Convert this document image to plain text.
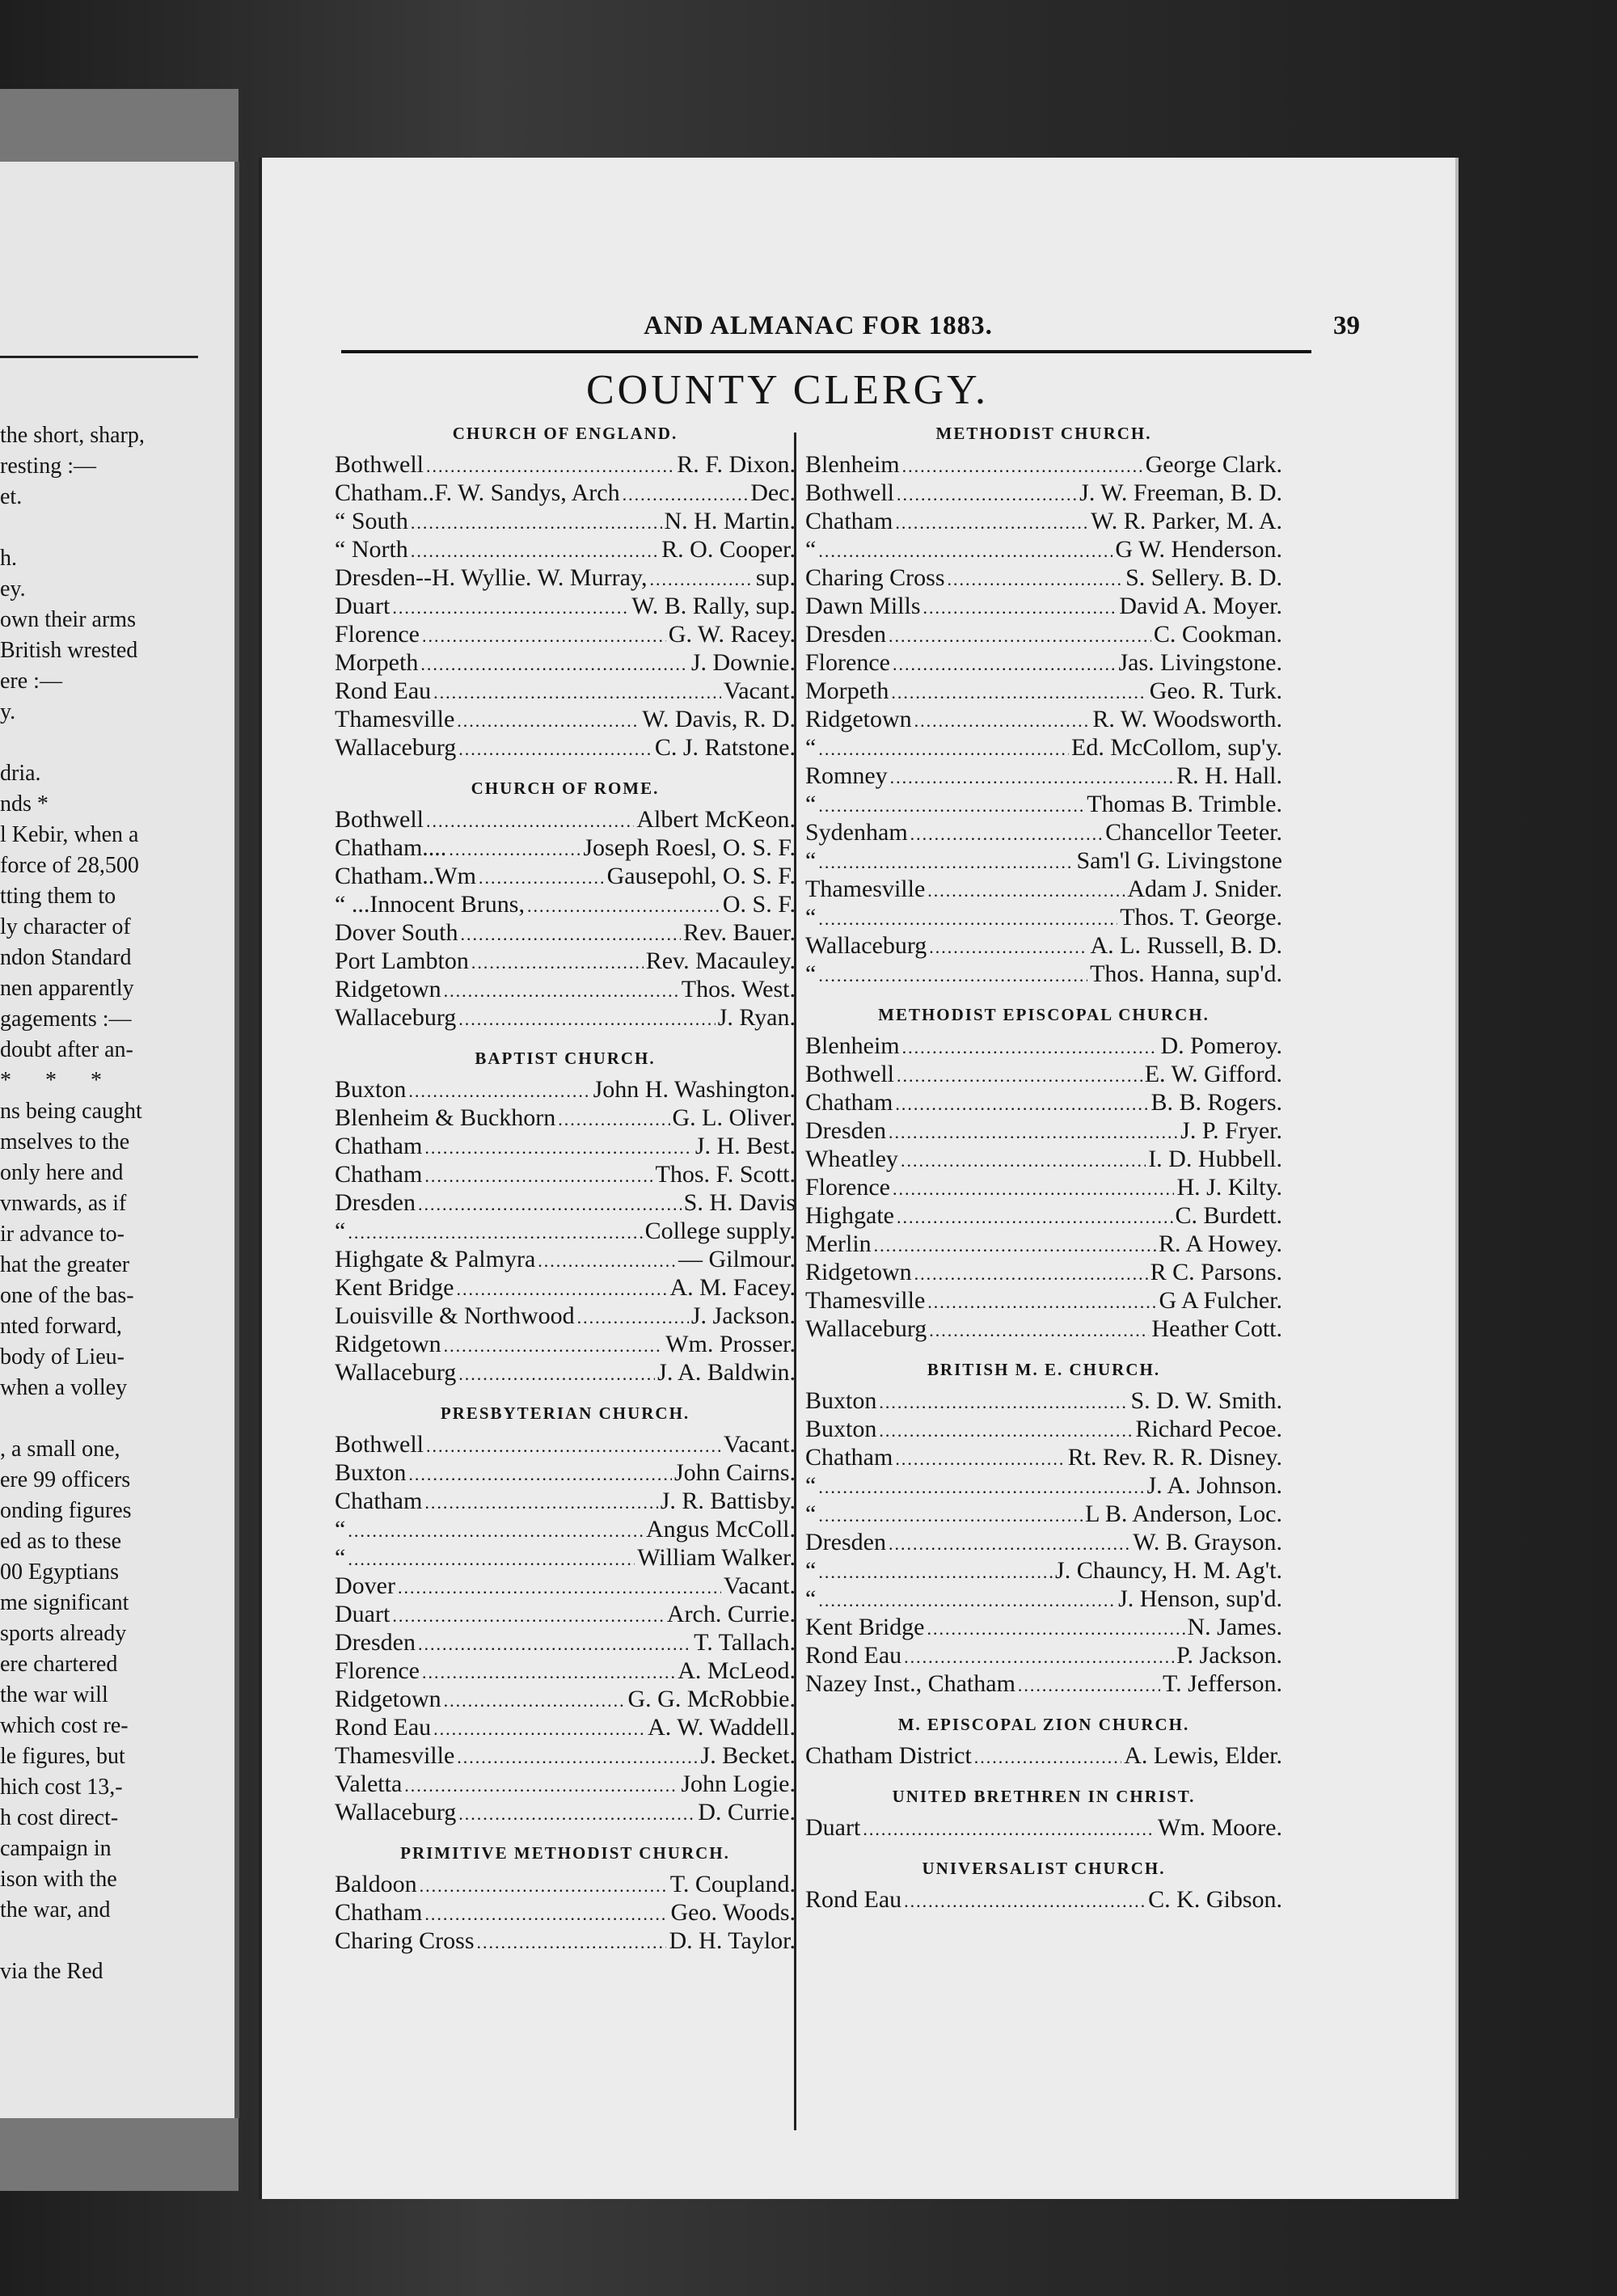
the short, sharp,
resting :—
et.
h.
ey.
own their arms
British wrested
ere :—
y.
dria.
nds *
l Kebir, when a
force of 28,500
tting them to
ly character of
ndon Standard
nen apparently
gagements :—
doubt after an-
*      *      *
ns being caught
mselves to the
only here and
vnwards, as if
ir advance to-
hat the greater
one of the bas-
nted forward,
body of Lieu-
when a volley
, a small one,
ere 99 officers
onding figures
ed as to these
00 Egyptians
me significant
sports already
ere chartered
the war will
which cost re-
le figures, but
hich cost 13,-
h cost direct-
campaign in
ison with the
the war, and
via the Red
AND ALMANAC FOR 1883.	39
COUNTY CLERGY.
CHURCH OF ENGLAND.
Bothwell .....	R. F. Dixon.
Chatham..F. W. Sandys, Arch .....	Dec.
“ South .....	N. H. Martin.
“ North .....	R. O. Cooper.
Dresden--H. Wyllie. W. Murray, .....	sup.
Duart .....	W. B. Rally, sup.
Florence .....	G. W. Racey.
Morpeth .....	J. Downie.
Rond Eau .....	Vacant.
Thamesville .....	W. Davis, R. D.
Wallaceburg .....	C. J. Ratstone.
CHURCH OF ROME.
Bothwell .....	Albert McKeon.
Chatham.... .....	Joseph Roesl, O. S. F.
Chatham..Wm .....	Gausepohl, O. S. F.
“ ...Innocent Bruns, .....	O. S. F.
Dover South .....	Rev. Bauer.
Port Lambton .....	Rev. Macauley.
Ridgetown .....	Thos. West.
Wallaceburg .....	J. Ryan.
BAPTIST CHURCH.
Buxton .....	John H. Washington.
Blenheim & Buckhorn .....	G. L. Oliver.
Chatham .....	J. H. Best.
Chatham .....	Thos. F. Scott.
Dresden .....	S. H. Davis
“ .....	College supply.
Highgate & Palmyra .....	— Gilmour.
Kent Bridge .....	A. M. Facey.
Louisville & Northwood .....	J. Jackson.
Ridgetown .....	Wm. Prosser.
Wallaceburg .....	J. A. Baldwin.
PRESBYTERIAN CHURCH.
Bothwell .....	Vacant.
Buxton .....	John Cairns.
Chatham .....	J. R. Battisby.
“ .....	Angus McColl.
“ .....	William Walker.
Dover .....	Vacant.
Duart .....	Arch. Currie.
Dresden .....	T. Tallach.
Florence .....	A. McLeod.
Ridgetown .....	G. G. McRobbie.
Rond Eau .....	A. W. Waddell.
Thamesville .....	J. Becket.
Valetta .....	John Logie.
Wallaceburg .....	D. Currie.
PRIMITIVE METHODIST CHURCH.
Baldoon .....	T. Coupland.
Chatham .....	Geo. Woods.
Charing Cross .....	D. H. Taylor.
METHODIST CHURCH.
Blenheim .....	George Clark.
Bothwell .....	J. W. Freeman, B. D.
Chatham .....	W. R. Parker, M. A.
“ .....	G W. Henderson.
Charing Cross .....	S. Sellery. B. D.
Dawn Mills .....	David A. Moyer.
Dresden .....	C. Cookman.
Florence .....	Jas. Livingstone.
Morpeth .....	Geo. R. Turk.
Ridgetown .....	R. W. Woodsworth.
“ .....	Ed. McCollom, sup'y.
Romney .....	R. H. Hall.
“ .....	Thomas B. Trimble.
Sydenham .....	Chancellor Teeter.
“ .....	Sam'l G. Livingstone
Thamesville .....	Adam J. Snider.
“ .....	Thos. T. George.
Wallaceburg .....	A. L. Russell, B. D.
“ .....	Thos. Hanna, sup'd.
METHODIST EPISCOPAL CHURCH.
Blenheim .....	D. Pomeroy.
Bothwell .....	E. W. Gifford.
Chatham .....	B. B. Rogers.
Dresden .....	J. P. Fryer.
Wheatley .....	I. D. Hubbell.
Florence .....	H. J. Kilty.
Highgate .....	C. Burdett.
Merlin .....	R. A Howey.
Ridgetown .....	R C. Parsons.
Thamesville .....	G A Fulcher.
Wallaceburg .....	Heather Cott.
BRITISH M. E. CHURCH.
Buxton .....	S. D. W. Smith.
Buxton .....	Richard Pecoe.
Chatham .....	Rt. Rev. R. R. Disney.
“ .....	J. A. Johnson.
“ .....	L B. Anderson, Loc.
Dresden .....	W. B. Grayson.
“ .....	J. Chauncy, H. M. Ag't.
“ .....	J. Henson, sup'd.
Kent Bridge .....	N. James.
Rond Eau .....	P. Jackson.
Nazey Inst., Chatham .....	T. Jefferson.
M. EPISCOPAL ZION CHURCH.
Chatham District .....	A. Lewis, Elder.
UNITED BRETHREN IN CHRIST.
Duart .....	Wm. Moore.
UNIVERSALIST CHURCH.
Rond Eau .....	C. K. Gibson.
